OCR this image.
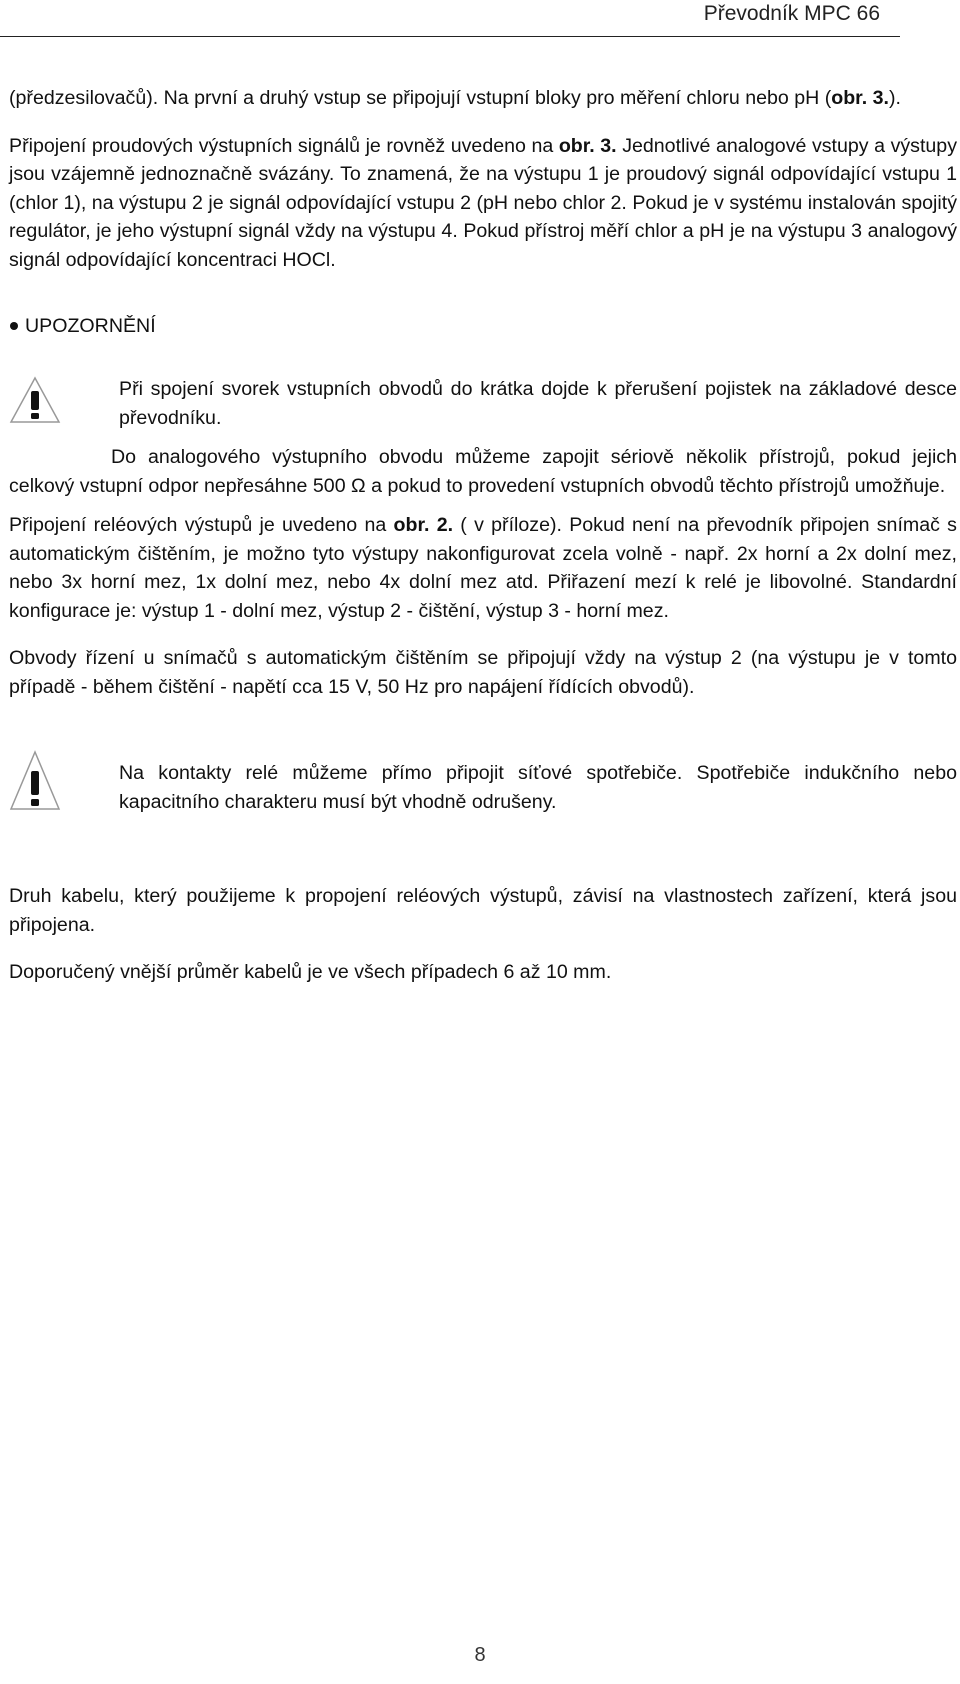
Převodník MPC 66

(předzesilovačů). Na první a druhý vstup se připojují vstupní bloky pro měření chloru nebo pH (obr. 3.).

Připojení proudových výstupních signálů je rovněž uvedeno na obr. 3. Jednotlivé analogové vstupy a výstupy jsou vzájemně jednoznačně svázány. To znamená, že na výstupu 1 je proudový signál odpovídající vstupu 1 (chlor 1), na výstupu 2 je signál odpovídající vstupu 2 (pH nebo chlor 2. Pokud je v systému instalován spojitý regulátor, je jeho výstupní signál vždy na výstupu 4. Pokud přístroj měří chlor a pH je na výstupu 3 analogový signál odpovídající koncentraci HOCl.

UPOZORNĚNÍ

Při spojení svorek vstupních obvodů do krátka dojde k přerušení pojistek na základové desce převodníku.

Do analogového výstupního obvodu můžeme zapojit sériově několik přístrojů, pokud jejich celkový vstupní odpor nepřesáhne 500 Ω a pokud to provedení vstupních obvodů těchto přístrojů umožňuje.

Připojení reléových výstupů je uvedeno na obr. 2. ( v příloze). Pokud není na převodník připojen snímač s automatickým čištěním, je možno tyto výstupy nakonfigurovat zcela volně - např. 2x horní a 2x dolní mez, nebo 3x horní mez, 1x dolní mez, nebo 4x dolní mez atd. Přiřazení mezí k relé je libovolné. Standardní konfigurace je: výstup 1 - dolní mez, výstup 2 - čištění, výstup 3 - horní mez.

Obvody řízení u snímačů s automatickým čištěním se připojují vždy na výstup 2 (na výstupu je v tomto případě - během čištění - napětí cca 15 V, 50 Hz pro napájení řídících obvodů).

Na kontakty relé můžeme přímo připojit síťové spotřebiče. Spotřebiče indukčního nebo kapacitního charakteru musí být vhodně odrušeny.

Druh kabelu, který použijeme k propojení reléových výstupů, závisí na vlastnostech zařízení, která jsou připojena.

Doporučený vnější průměr kabelů je ve všech případech 6 až 10 mm.

8
